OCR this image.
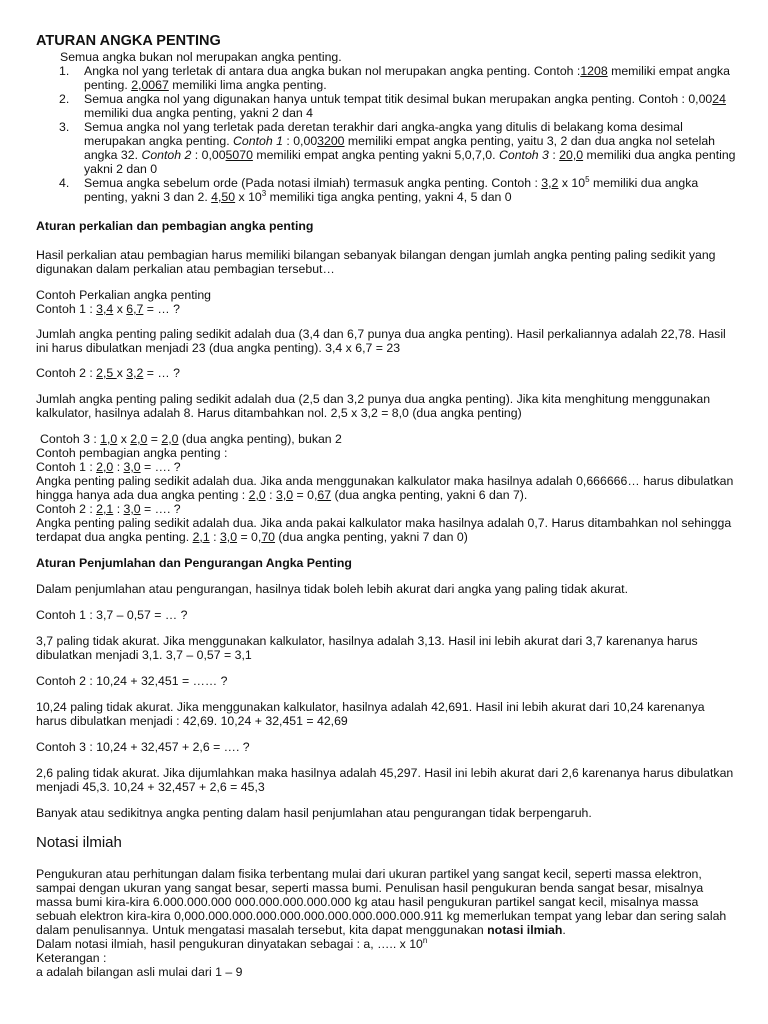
ATURAN ANGKA PENTING

Semua angka bukan nol merupakan angka penting.

1. Angka nol yang terletak di antara dua angka bukan nol merupakan angka penting. Contoh :1208 memiliki empat angka penting. 2,0067 memiliki lima angka penting.
2. Semua angka nol yang digunakan hanya untuk tempat titik desimal bukan merupakan angka penting. Contoh : 0,0024 memiliki dua angka penting, yakni 2 dan 4
3. Semua angka nol yang terletak pada deretan terakhir dari angka-angka yang ditulis di belakang koma desimal merupakan angka penting. Contoh 1 : 0,003200 memiliki empat angka penting, yaitu 3, 2 dan dua angka nol setelah angka 32. Contoh 2 : 0,005070 memiliki empat angka penting yakni 5,0,7,0. Contoh 3 : 20,0 memiliki dua angka penting yakni 2 dan 0
4. Semua angka sebelum orde (Pada notasi ilmiah) termasuk angka penting. Contoh : 3,2 x $10^5$ memiliki dua angka penting, yakni 3 dan 2. 4,50 x $10^3$ memiliki tiga angka penting, yakni 4, 5 dan 0

Aturan perkalian dan pembagian angka penting

Hasil perkalian atau pembagian harus memiliki bilangan sebanyak bilangan dengan jumlah angka penting paling sedikit yang digunakan dalam perkalian atau pembagian tersebut…

Contoh Perkalian angka penting

Contoh 1 : 3,4 x 6,7 = … ?

Jumlah angka penting paling sedikit adalah dua (3,4 dan 6,7 punya dua angka penting). Hasil perkaliannya adalah 22,78. Hasil ini harus dibulatkan menjadi 23 (dua angka penting). 3,4 x 6,7 = 23

Contoh 2 : 2,5 x 3,2 = … ?

Jumlah angka penting paling sedikit adalah dua (2,5 dan 3,2 punya dua angka penting). Jika kita menghitung menggunakan kalkulator, hasilnya adalah 8. Harus ditambahkan nol. 2,5 x 3,2 = 8,0 (dua angka penting)

Contoh 3 : 1,0 x 2,0 = 2,0 (dua angka penting), bukan 2

Contoh pembagian angka penting :

Contoh 1 : 2,0 : 3,0 = …. ?

Angka penting paling sedikit adalah dua. Jika anda menggunakan kalkulator maka hasilnya adalah 0,666666… harus dibulatkan hingga hanya ada dua angka penting : 2,0 : 3,0 = 0,67 (dua angka penting, yakni 6 dan 7).

Contoh 2 : 2,1 : 3,0 = …. ?

Angka penting paling sedikit adalah dua. Jika anda pakai kalkulator maka hasilnya adalah 0,7. Harus ditambahkan nol sehingga terdapat dua angka penting. 2,1 : 3,0 = 0,70 (dua angka penting, yakni 7 dan 0)

Aturan Penjumlahan dan Pengurangan Angka Penting

Dalam penjumlahan atau pengurangan, hasilnya tidak boleh lebih akurat dari angka yang paling tidak akurat.

Contoh 1 : 3,7 – 0,57 = … ?

3,7 paling tidak akurat. Jika menggunakan kalkulator, hasilnya adalah 3,13. Hasil ini lebih akurat dari 3,7 karenanya harus dibulatkan menjadi 3,1. 3,7 – 0,57 = 3,1

Contoh 2 : 10,24 + 32,451 = …… ?

10,24 paling tidak akurat. Jika menggunakan kalkulator, hasilnya adalah 42,691. Hasil ini lebih akurat dari 10,24 karenanya harus dibulatkan menjadi : 42,69. 10,24 + 32,451 = 42,69

Contoh 3 : 10,24 + 32,457 + 2,6 = …. ?

2,6 paling tidak akurat. Jika dijumlahkan maka hasilnya adalah 45,297. Hasil ini lebih akurat dari 2,6 karenanya harus dibulatkan menjadi 45,3. 10,24 + 32,457 + 2,6 = 45,3

Banyak atau sedikitnya angka penting dalam hasil penjumlahan atau pengurangan tidak berpengaruh.

Notasi ilmiah

Pengukuran atau perhitungan dalam fisika terbentang mulai dari ukuran partikel yang sangat kecil, seperti massa elektron, sampai dengan ukuran yang sangat besar, seperti massa bumi. Penulisan hasil pengukuran benda sangat besar, misalnya massa bumi kira-kira 6.000.000.000 000.000.000.000.000 kg atau hasil pengukuran partikel sangat kecil, misalnya massa sebuah elektron kira-kira 0,000.000.000.000.000.000.000.000.000.000.911 kg memerlukan tempat yang lebar dan sering salah dalam penulisannya. Untuk mengatasi masalah tersebut, kita dapat menggunakan notasi ilmiah.

Dalam notasi ilmiah, hasil pengukuran dinyatakan sebagai : a, ….. x 10$^n$

Keterangan :

a adalah bilangan asli mulai dari 1 – 9
